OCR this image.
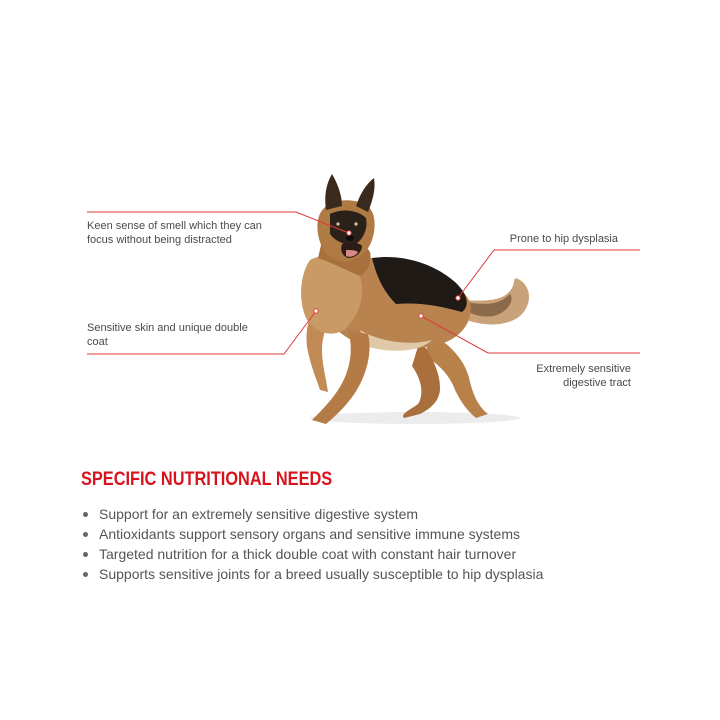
Keen sense of smell which they can focus without being distracted

Sensitive skin and unique double coat

Prone to hip dysplasia

Extremely sensitive digestive tract

SPECIFIC NUTRITIONAL NEEDS
Support for an extremely sensitive digestive system
Antioxidants support sensory organs and sensitive immune systems
Targeted nutrition for a thick double coat with constant hair turnover
Supports sensitive joints for a breed usually susceptible to hip dysplasia
